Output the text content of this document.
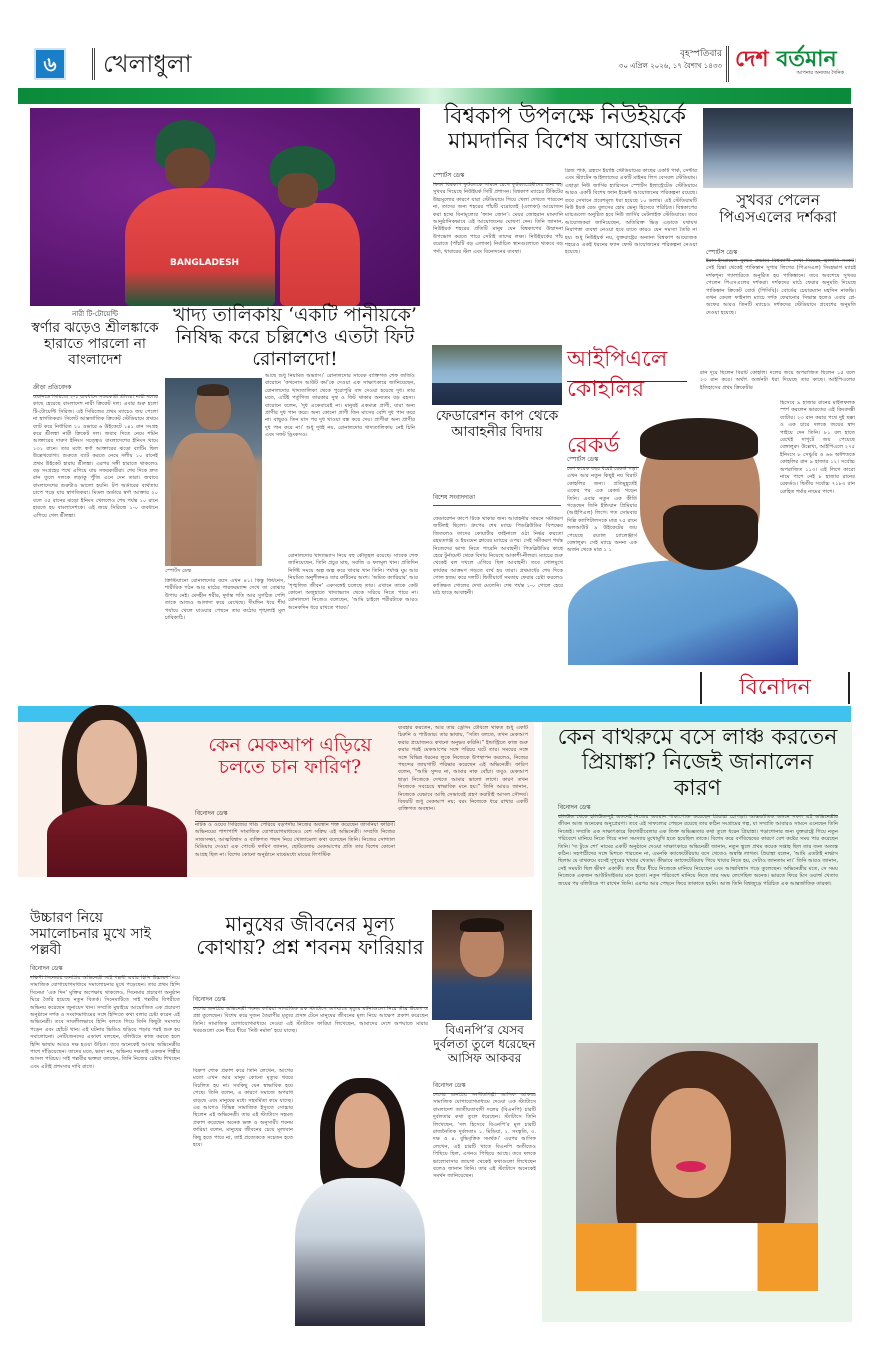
৬	খেলাধুলা	বৃহস্পতিবার
৩০ এপ্রিল ২০২৬, ১৭ বৈশাখ ১৪৩৩ দেশ বর্তমান
আপনার অন্যতম দৈনিক
BANGLADESH
নারী টি-টোয়েন্টি
স্বর্ণার ঝড়েও শ্রীলঙ্কাকে হারাতে পারলো না বাংলাদেশ
ক্রীড়া প্রতিবেদক
ওয়ানডে সিরিজে ২-১ ব্যবধানে সফরকারী শ্রীলঙ্কা নারী দলের কাছে হেরেছে বাংলাদেশ নারী ক্রিকেট দল। এবার শুরু হলো টি-টোয়েন্টি সিরিজ। এই সিরিজের প্রথম ম্যাচেও জয় পেলো না স্বাগতিকরা। সিলেট আন্তর্জাতিক ক্রিকেট স্টেডিয়ামে প্রথমে ব্যাট করে নির্ধারিত ২০ ওভারে ৬ উইকেটে ১৪১ রান সংগ্রহ করে শ্রীলঙ্কা নারী ক্রিকেট দল। জবাব দিতে নেমে শর্মিন আক্তারের দারুণ ইনিংস সত্ত্বেও বাংলাদেশের ইনিংস থামে ১৩১ রানে। তার মধ্যে স্বর্ণা আক্তারের ঝড়ো ব্যাটিং ছিল উল্লেখযোগ্য। শুরুতে ব্যাট করতে নেমে দলীয় ১০ রানেই প্রথম উইকেট হারায় শ্রীলঙ্কা। এরপর সঙ্গী হারাতে থাকলেও বড় সংগ্রহের পথে এগিয়ে যায় সফরকারীরা। শেষ দিকে দ্রুত রান তুলে দলকে লড়াকু পুঁজি এনে দেন তারা। জবাবে বাংলাদেশের শুরুটাও ভালো হয়নি। টপ অর্ডারের ব্যর্থতায় চাপে পড়ে যায় স্বাগতিকরা। মিডল অর্ডারে স্বর্ণা আক্তার ২০ বলে ৩৫ রানের ঝড়ো ইনিংস খেললেও শেষ পর্যন্ত ১০ রানে হারতে হয় বাংলাদেশকে। এই জয়ে সিরিজে ১-০ ব্যবধানে এগিয়ে গেল শ্রীলঙ্কা।
খাদ্য তালিকায় ‘একটি পানীয়কে’ নিষিদ্ধ করে চল্লিশেও এতটা ফিট রোনালদো!
স্পোর্টস ডেস্ক
আছে শুধু নিয়মিত অভ্যাস।’ রোনালদোর সাবেক ব্যক্তিগত শেফ জর্জিও বারোনে ‘কখনোস আউট কর্ম’কে দেওয়া এক সাক্ষাৎকারে জানিয়েছেন, রোনালদোর খাদ্যতালিকা থেকে পুরোপুরি বাদ দেওয়া হয়েছে দুধ। তার মতে, এটিই পর্তুগিজ তারকার সুস্থ ও ফিট থাকার অন্যতম বড় রহস্য। বারোনে বলেন, ‘দুধ একেবারেই না। মানুষই একমাত্র প্রাণী, যারা অন্য প্রাণীর দুধ পান করে। অন্য কোনো প্রাণী তিন মাসের বেশি দুধ পান করে না। বাছুরও তিন মাস পর দুধ খাওয়া বন্ধ করে দেয়। প্রাণীরা অন্য প্রাণীর দুধ পান করে না।’ শুধু দুধই নয়, রোনালদোর খাদ্যতালিকায় নেই চিনি এবং সফট ড্রিংকসও।
ক্রিস্টিয়ানো রোনালদোর বয়স এখন ৪১। কিন্তু ফিটনেস, শারীরিক গঠন আর মাঠের পারফরম্যান্স দেখে তা বোঝার উপায় নেই। মেদহীন শরীর, দুর্দান্ত গতি আর সুগঠিত পেশি তাকে আজও আলাদা করে রেখেছে। দীর্ঘদিন ধরে শীর্ষ পর্যায়ে খেলে যাওয়ার পেছনে তার কঠোর শৃঙ্খলাই মূল চাবিকাঠি।
রোনালদোর খাদ্যাভ্যাস নিয়ে বহু কৌতূহল রয়েছে। সাবেক শেফ জানিয়েছেন, তিনি প্রচুর মাছ, সবজি ও ফলমূল খান। প্রতিদিন নির্দিষ্ট সময়ে অল্প অল্প করে খাবার খান তিনি। পর্যাপ্ত ঘুম আর নিয়মিত অনুশীলনও তার রুটিনের অংশ। ‘অমিত ক্যারিয়ার’ আর ‘শৃঙ্খলিত জীবন’ একসঙ্গেই চলেছে তার। এখানে তাকে কেউ কোনো অজুহাতে খাদ্যাভ্যাস থেকে সরিয়ে নিতে পারে না। রোনালদো নিজেও বলেছেন, ‘আমি চাইলে শরীরটাকে আরও অনেকদিন ধরে রাখতে পারব।’
বিশ্বকাপ উপলক্ষে নিউইয়র্কে মামদানির বিশেষ আয়োজন
স্পোর্টস ডেস্ক
ফিফা বিশ্বকাপ ফুটবলকে সামনে রেখে ফুটবলপ্রেমীদের জন্য বড় সুখবর দিয়েছে নিউইয়র্ক সিটি প্রশাসন। বিশ্বকাপ ম্যাচের টিকিটের উচ্চমূল্যের কারণে যারা স্টেডিয়ামে গিয়ে খেলা দেখতে পারবেন না, তাদের জন্য শহরের পাঁচটি বরোতেই (এলাকা) আয়োজন করা হচ্ছে বিনামূল্যের ‘ফ্যান জোন’। মেয়র জোহরান মামদানি আনুষ্ঠানিকভাবে এই আয়োজনের ঘোষণা দেন। তিনি জানান, নিউইয়র্ক শহরের প্রতিটি মানুষ যেন বিশ্বকাপের উন্মাদনা উপভোগ করতে পারে সেটাই তাদের লক্ষ্য। নিউইয়র্কের পাঁচ বরোতে (পাঁচটি বড় এলাকা) নির্বাচিত স্থানগুলোতে থাকবে বড় পর্দা, খাবারের স্টল এবং বিনোদনের ব্যবস্থা।
ব্রিজ পার্ক, ব্রঙ্কসে ইয়াঙ্কি স্টেডিয়ামের কাছের একটি পার্ক, সেন্টার এবং স্ট্যাটেন আইল্যান্ডের একটি মাইনর লিগ বেসবল স্টেডিয়াম। এছাড়া নিউ জার্সির হ্যারিসনে স্পোর্টস ইলাস্ট্রেটেড স্টেডিয়ামে আরও একটি বিশেষ ফ্যান ইভেন্ট আয়োজনের পরিকল্পনা রয়েছে। তবে সেখানে প্রবেশমূল্য ধরা হয়েছে ১০ ডলার। এই স্টেডিয়ামটি নিউ ইয়র্ক রেড বুলসের হোম ভেন্যু হিসেবে পরিচিত। বিশ্বকাপের ম্যাচগুলো অনুষ্ঠিত হবে নিউ জার্সির মেটলাইফ স্টেডিয়ামে। তবে আয়োজকরা জানিয়েছেন, অতিরিক্ত ভিড় এড়াতে যথাযথ নিরাপত্তা ব্যবস্থা নেওয়া হবে যাতে কারও যেন সমস্যা তৈরি না হয়। শুধু নিউইয়র্ক নয়, যুক্তরাষ্ট্রের অন্যান্য বিশ্বকাপ আয়োজক শহরেও একই ধরনের ফ্যান ফেস্ট আয়োজনের পরিকল্পনা নেওয়া হয়েছে।
সুখবর পেলেন পিএসএলের দর্শকরা
স্পোর্টস ডেস্ক
ইরান-ইসরায়েল যুদ্ধের প্রভাবে বিশ্বব্যাপী দেখা দিয়েছে জ্বালানি সংকট। সেই চিন্তা থেকেই পাকিস্তান সুপার লিগের (পিএসএল) সিংহভাগ ম্যাচই দর্শকশূন্য গ্যালারিতে অনুষ্ঠিত হয় পাকিস্তানে। তবে অবশেষে সুখবর পেলেন পিএসএলের দর্শকরা। দর্শকদের মাঠে ফেরার অনুমতি দিয়েছে পাকিস্তান ক্রিকেট বোর্ড (পিসিবি)। বোর্ডের চেয়ারম্যান মহসিন নাকভি। তখন কেবল ফাইনাল ম্যাচে দর্শক ফেরানোর সিদ্ধান্ত হলেও এবার প্লে-অফের আরও তিনটি ম্যাচেও দর্শকদের স্টেডিয়ামে প্রবেশের অনুমতি দেওয়া হয়েছে।
ফেডারেশন কাপ থেকে আবাহনীর বিদায়
বিশেষ সংবাদদাতা
ফেডারেশন কাপে টিকে থাকার জন্য আবাহনীর সামনে সমীকরণ জটিলই ছিলো। গ্রুপের শেষ ম্যাচে পিডব্লিউডির বিপক্ষের জিতলেও তাদের কোয়ার্টার ফাইনালে ওঠা নির্ভর করতো রহমতগঞ্জ ও ইয়ংমেন ক্লাবের ম্যাচের ওপর। সেই সমীকরণ পর্যন্ত নিজেদের ভাগ্য নিতে পারেনি আবাহনী। পিডব্লিউডির কাছে হেরে টুর্নামেন্ট থেকে বিদায় নিয়েছে আকাশী-নীলরা। ম্যাচের শুরু থেকেই বল দখলে এগিয়ে ছিল আবাহনী। তবে গোলমুখে কার্যকর আক্রমণ গড়তে ব্যর্থ হয় তারা। প্রথমার্ধের শেষ দিকে গোল হজম করে দলটি। দ্বিতীয়ার্ধে সমতায় ফেরার চেষ্টা করলেও কাঙ্ক্ষিত গোলের দেখা মেলেনি। শেষ পর্যন্ত ১-০ গোলে হেরে মাঠ ছাড়ে আবাহনী।
আইপিএলে
কোহলির
রেকর্ড
স্পোর্টস ডেস্ক
বেশ কয়েক বছর ধরেই রেকর্ড গড়া এখন আর নতুন কিছুই নয় বিরাট কোহলির জন্য। প্রতিমুহূর্তেই একের পর এক রেকর্ড গড়েন তিনি। এবার নতুন এক কীর্তি গড়েছেন তিনি ইন্ডিয়ান প্রিমিয়ার (আইপিএল) লিগে। গত সোমবার দিল্লি ক্যাপিটালসকে মাত্র ৭৫ রানে অলআউট ৯ উইকেটের জয় পেয়েছে রয়্যাল চ্যালেঞ্জার্স বেঙ্গালুরু। সেই ম্যাচে অনন্য এক অর্জন থেকে মাত্র ১ ১
রান দূরে ছিলেন বিরাট কোহলি। দলের জয়ে অপরাজিত ছিলেন ১৫ বলে ২৩ রান করে। অর্থাৎ অর্জনটা ধরা দিয়েছে তার কাছে। আইপিএলের ইতিহাসের প্রথম ক্রিকেটার
হিসেবে ৯ হাজার রানের মাইলফলক স্পর্শ করলেন ভারতের এই কিংবদন্তী ব্যাটার। ২৩ রান করার পথে দুই ছক্কা ও এক চারে দলকে জয়ের স্বাদ পাইয়ে দেন তিনি। ৮১ বল হাতে রেখেই দাপুটে জয় পেয়েছে বেঙ্গালুরু। উল্লেখ্য, আইপিএলে ২৭৫ ইনিংসে ৮ সেঞ্চুরি ও ৬৬ অর্ধশতকে কোহলির রান ৯ হাজার ১২। সর্বোচ্চ অপরাজিত ১১৩। এই লিগে কারো নামে পাশে নেই ৮ হাজার রানের রেকর্ডও। দ্বিতীয় সর্বোচ্চ ৭১৮৩ রান রোহিত শর্মার নামের পাশে।
বিনোদন
কেন মেকআপ এড়িয়ে চলতে চান ফারিণ?
বিনোদন ডেস্ক
নাটক ও ওয়েব সিরিজের গণ্ডি পেরিয়ে বড়পর্দায় নিজের অবস্থান শক্ত করেছেন তাসনিয়া ফারিণ। অভিনয়ের পাশাপাশি সামাজিক যোগাযোগমাধ্যমেও বেশ সক্রিয় এই অভিনেত্রী। সম্প্রতি নিজের সাজসজ্জা, আত্মবিশ্বাস ও ব্যক্তিগত পছন্দ নিয়ে খোলামেলা কথা বলেছেন তিনি। নিজের সোশ্যাল মিডিয়ায় দেওয়া এক পোস্টে ফারিণ জানান, ছোটবেলায় মেকআপের প্রতি তার বিশেষ কোনো আগ্রহ ছিল না। বিশেষ কোনো অনুষ্ঠানে মাঝেমধ্যে মায়ের লিপস্টিক
ব্যবহার করতেন, আর তার ড্রেসিং টেবিলে থাকত শুধু একটি চিরুনি ও পাউডার। তার ভাষায়, “সত্যি বলতে, তখন মেকআপ করার প্রয়োজনও কখনো অনুভব করিনি।” ইন্ডাস্ট্রিতে কাজ শুরু করার পরই মেকআপের সঙ্গে পরিচয় ঘটে তার। সময়ের সঙ্গে সঙ্গে বিভিন্ন ধরনের লুকে নিজেকে উপস্থাপন করলেও, নিজের পছন্দের জায়গাটি পরিষ্কার করেছেন এই অভিনেত্রী। ফারিণ বলেন, “আমি সুন্দর না, আমার নাক বোঁচা। তবুও মেকআপ ছাড়া নিজেকে দেখতে আমার ভালো লাগে। কারণ তখন নিজেকে সবচেয়ে স্বাভাবিক মনে হয়।” তিনি আরও জানান, নিজেকে যেভাবে আছি সেভাবেই গ্রহণ করাটাই আসল সৌন্দর্য। বিষয়টি শুধু মেকআপ নয়; বরং নিজেকে ধরে রাখার একটি ব্যক্তিগত অবস্থান।
কেন বাথরুমে বসে লাঞ্চ করতেন প্রিয়াঙ্কা? নিজেই জানালেন কারণ
বিনোদন ডেস্ক
বলিউড থেকে হলিউড-দুই অঙ্গনেই নিজের অবস্থান পাকাপোক্ত করেছেন প্রিয়াঙ্কা চোপড়া। আন্তর্জাতিক অঙ্গনে সফল এই অভিনেত্রীর জীবন আজ অনেকের অনুপ্রেরণা। তবে এই সাফল্যের পেছনে রয়েছে তার কঠিন সংগ্রামের গল্প, যা সম্প্রতি আবারও সামনে এনেছেন তিনি নিজেই। সম্প্রতি এক সাক্ষাৎকারে কিশোরীবেলার এক তিক্ত অভিজ্ঞতার কথা তুলে ধরেন প্রিয়াঙ্কা। পড়াশোনার জন্য যুক্তরাষ্ট্রে গিয়ে নতুন পরিবেশে মানিয়ে নিতে গিয়ে নানা সমস্যার মুখোমুখি হতে হয়েছিল তাকে। বিশেষ করে বর্ণবিদ্বেষের কারণে বেশ কষ্টের সময় পার করেছেন তিনি। ‘দ্য টুডে শো’ নামের একটি অনুষ্ঠানে দেওয়া সাক্ষাৎকারে অভিনেত্রী জানান, নতুন স্কুলে প্রথম কয়েক সপ্তাহ ছিল তার জন্য অত্যন্ত কঠিন। সহপাঠীদের সঙ্গে মিশতে পারতেন না, এমনকি ক্যাফেটেরিয়ায় বসে খেতেও অস্বস্তি লাগত। প্রিয়াঙ্কা বলেন, ‘আমি এতটাই নার্ভাস ছিলাম যে বাথরুমে বসেই দুপুরের খাবার খেতাম। কীভাবে ক্যাফেটেরিয়ায় গিয়ে খাবার নিতে হয়, সেটাও জানতাম না।’ তিনি আরও জানান, সেই সময়টা ছিল ভীষণ একাকী। তবে ধীরে ধীরে নিজেকে মানিয়ে নিয়েছেন এবং আত্মবিশ্বাস গড়ে তুলেছেন। অভিনেত্রীর মতে, সে সময় নিজেকে একজন আউটসাইডার মনে হতো। নতুন পরিবেশে মানিয়ে নিতে তার সময় লেগেছিল অনেক। ভারতে ফিরে মিস ওয়ার্ল্ড খেতাব জয়ের পর বলিউডে পা রাখেন তিনি। এরপর আর পেছনে ফিরে তাকাতে হয়নি। আজ তিনি বিশ্বজুড়ে পরিচিত এক আন্তর্জাতিক তারকা।
উচ্চারণ নিয়ে সমালোচনার মুখে সাই পল্লবী
বিনোদন ডেস্ক
দক্ষিণী সিনেমার জনপ্রিয় অভিনেত্রী সাই পল্লবী এবার হিন্দি উচ্চারণ নিয়ে সামাজিক যোগাযোগমাধ্যমে সমালোচনার মুখে পড়েছেন। তার প্রথম হিন্দি সিনেমা ‘এক দিন’ মুক্তির অপেক্ষায় থাকলেও, সিনেমার প্রচারণা অনুষ্ঠান ঘিরে তৈরি হয়েছে নতুন বিতর্ক। সিনেমাটিতে সাই পল্লবীর বিপরীতে অভিনয় করেছেন জুনায়েদ খান। সম্প্রতি মুম্বাইয়ে আয়োজিত এক প্রচারণা অনুষ্ঠানে দর্শক ও সংবাদমাধ্যমের সঙ্গে হিন্দিতে কথা বলার চেষ্টা করেন এই অভিনেত্রী। তবে সাবলীলভাবে হিন্দি বলতে গিয়ে তিনি কিছুটা সমস্যায় পড়েন এবং হোঁচট খান। এই ঘটনার ভিডিও ছড়িয়ে পড়ার পরই শুরু হয় সমালোচনা। নেটিজেনদের একাংশ বলছেন, বলিউডে কাজ করতে হলে হিন্দি ভাষায় আরও দক্ষ হওয়া উচিত। তবে অনেকেই আবার অভিনেত্রীর পাশে দাঁড়িয়েছেন। তাদের মতে, ভাষা নয়, অভিনয় দক্ষতাই একজন শিল্পীর আসল পরিচয়। সাই পল্লবীর ভক্তরা বলছেন, তিনি নিজের চেষ্টায় শিখছেন এবং এটাই প্রশংসার দাবি রাখে।
মানুষের জীবনের মূল্য কোথায়? প্রশ্ন শবনম ফারিয়ার
বিনোদন ডেস্ক
দেশের জনপ্রিয় অভিনেত্রী শবনম ফারিয়া সাম্প্রতিক এক স্ট্যাটাসে অপঘাতে মৃত্যুর ঘটনাগুলো নিয়ে তীব্র উদ্বেগ ও প্রশ্ন তুলেছেন। বিশেষ করে দুজন তৈরাণীর মৃত্যুর প্রসঙ্গ টেনে মানুষের জীবনের মূল্য নিয়ে আক্ষেপ প্রকাশ করেছেন তিনি। সামাজিক যোগাযোগমাধ্যমে দেওয়া এই স্ট্যাটাসে ফারিয়া লিখেছেন, আমাদের দেশে অপঘাতে মারার খবরগুলো যেন ধীরে ধীরে ‘নিউ নর্মাল’ হয়ে যাচ্ছে।
বিদ্রুপ শোক প্রকাশ করে তিনি লেখেন, আগের মতো এখন আর মানুষ কোনো মৃত্যুর খবরে বিচলিত হয় না। সবকিছু যেন স্বাভাবিক হয়ে গেছে। তিনি বলেন, এ কারণে সমাজে অপরাধ বাড়ছে এবং মানুষের মধ্যে সহমর্মিতা কমে যাচ্ছে। এর আগেও বিভিন্ন সামাজিক ইস্যুতে সোচ্চার ছিলেন এই অভিনেত্রী। তার এই স্ট্যাটাসে সহমত প্রকাশ করেছেন অনেক ভক্ত ও অনুসারী। শবনম ফারিয়া বলেন, মানুষের জীবনের চেয়ে মূল্যবান কিছু হতে পারে না, তাই প্রত্যেককে সচেতন হতে হবে।
বিএনপি’র যেসব দুর্বলতা তুলে ধরেছেন আসিফ আকবর
বিনোদন ডেস্ক
দেশের জনপ্রিয় সংগীতশিল্পী আসিফ আকবর সামাজিক যোগাযোগমাধ্যমে দেওয়া এক স্ট্যাটাসে বাংলাদেশ জাতীয়তাবাদী দলের (বিএনপি) চারটি দুর্বলতার কথা তুলে ধরেছেন। স্ট্যাটাসে তিনি লিখেছেন, ‘দল হিসেবে বিএনপি’র মূল চারটি রাজনৈতিক দুর্বলতাঃ ১. মিডিয়া, ২. সংস্কৃতি, ৩. দক্ষ ও ৪. বুদ্ধিবৃত্তিক সমর্থক।’ এরপর আসিফ লেখেন, এই চারটি খাতে বিএনপি অতীতেও পিছিয়ে ছিল, এখনও পিছিয়ে আছে। তবে দলকে ভালোবাসার জায়গা থেকেই কথাগুলো লিখেছেন বলেও জানান তিনি। তার এই স্ট্যাটাসে অনেকেই সমর্থন জানিয়েছেন।
